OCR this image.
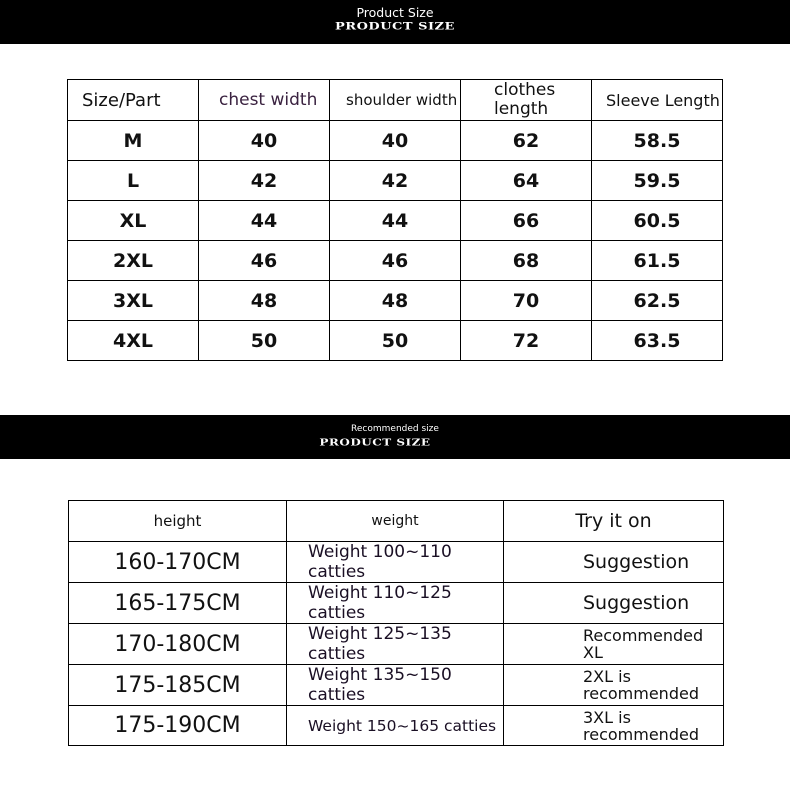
Product Size
PRODUCT SIZE
Size/Part	chest width	shoulder width	clothes length	Sleeve Length
M	40	40	62	58.5
L	42	42	64	59.5
XL	44	44	66	60.5
2XL	46	46	68	61.5
3XL	48	48	70	62.5
4XL	50	50	72	63.5
Recommended size
PRODUCT SIZE
height	weight	Try it on
160-170CM	Weight 100~110 catties	Suggestion
165-175CM	Weight 110~125 catties	Suggestion
170-180CM	Weight 125~135 catties	Recommended XL
175-185CM	Weight 135~150 catties	2XL is recommended
175-190CM	Weight 150~165 catties	3XL is recommended
